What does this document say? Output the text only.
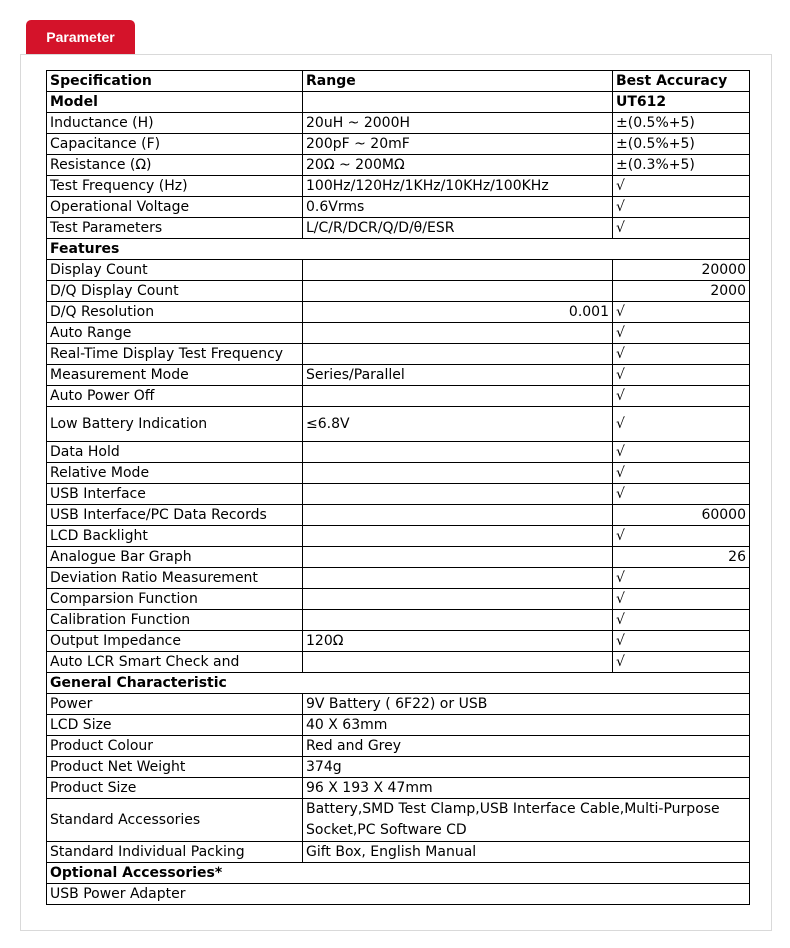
Parameter
Specification	Range	Best Accuracy
Model		UT612
Inductance (H)	20uH ~ 2000H	±(0.5%+5)
Capacitance (F)	200pF ~ 20mF	±(0.5%+5)
Resistance (Ω)	20Ω ~ 200MΩ	±(0.3%+5)
Test Frequency (Hz)	100Hz/120Hz/1KHz/10KHz/100KHz	√
Operational Voltage	0.6Vrms	√
Test Parameters	L/C/R/DCR/Q/D/θ/ESR	√
Features		
Display Count		20000
D/Q Display Count		2000
D/Q Resolution	0.001	√
Auto Range		√
Real-Time Display Test Frequency		√
Measurement Mode	Series/Parallel	√
Auto Power Off		√
Low Battery Indication	≤6.8V	√
Data Hold		√
Relative Mode		√
USB Interface		√
USB Interface/PC Data Records		60000
LCD Backlight		√
Analogue Bar Graph		26
Deviation Ratio Measurement		√
Comparsion Function		√
Calibration Function		√
Output Impedance	120Ω	√
Auto LCR Smart Check and		√
General Characteristic		
Power	9V Battery ( 6F22) or USB	
LCD Size	40 X 63mm	
Product Colour	Red and Grey	
Product Net Weight	374g	
Product Size	96 X 193 X 47mm	
Standard Accessories	Battery,SMD Test Clamp,USB Interface Cable,Multi-Purpose Socket,PC Software CD	
Standard Individual Packing	Gift Box, English Manual	
Optional Accessories*		
USB Power Adapter		
